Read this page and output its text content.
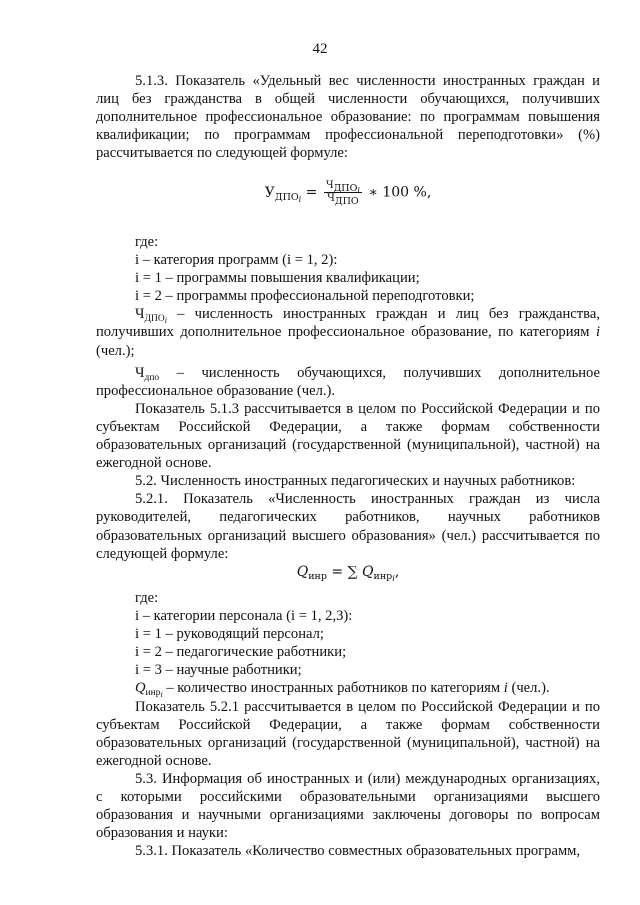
42

5.1.3. Показатель «Удельный вес численности иностранных граждан и лиц без гражданства в общей численности обучающихся, получивших дополнительное профессиональное образование: по программам повышения квалификации; по программам профессиональной переподготовки» (%) рассчитывается по следующей формуле:

$У_{ДПО_i} = \frac{Ч_{ДПО_i}}{Ч_{ДПО}}$ ∗ 100 %,
где:
i – категория программ (i = 1, 2):
i = 1 – программы повышения квалификации;
i = 2 – программы профессиональной переподготовки;

$Ч_{ДПО_i}$ – численность иностранных граждан и лиц без гражданства, получивших дополнительное профессиональное образование, по категориям i (чел.);

$Ч_{дпо}$ – численность обучающихся, получивших дополнительное профессиональное образование (чел.).

Показатель 5.1.3 рассчитывается в целом по Российской Федерации и по субъектам Российской Федерации, а также формам собственности образовательных организаций (государственной (муниципальной), частной) на ежегодной основе.

5.2. Численность иностранных педагогических и научных работников:

5.2.1. Показатель «Численность иностранных граждан из числа руководителей, педагогических работников, научных работников образовательных организаций высшего образования» (чел.) рассчитывается по следующей формуле:

$Q_{инр}$ = ∑ $Q_{инр_i}$,
где:
i – категории персонала (i = 1, 2,3):
i = 1 – руководящий персонал;
i = 2 – педагогические работники;
i = 3 – научные работники;
$Q_{инр_i}$ – количество иностранных работников по категориям i (чел.).

Показатель 5.2.1 рассчитывается в целом по Российской Федерации и по субъектам Российской Федерации, а также формам собственности образовательных организаций (государственной (муниципальной), частной) на ежегодной основе.

5.3. Информация об иностранных и (или) международных организациях, с которыми российскими образовательными организациями высшего образования и научными организациями заключены договоры по вопросам образования и науки:

5.3.1. Показатель «Количество совместных образовательных программ,
